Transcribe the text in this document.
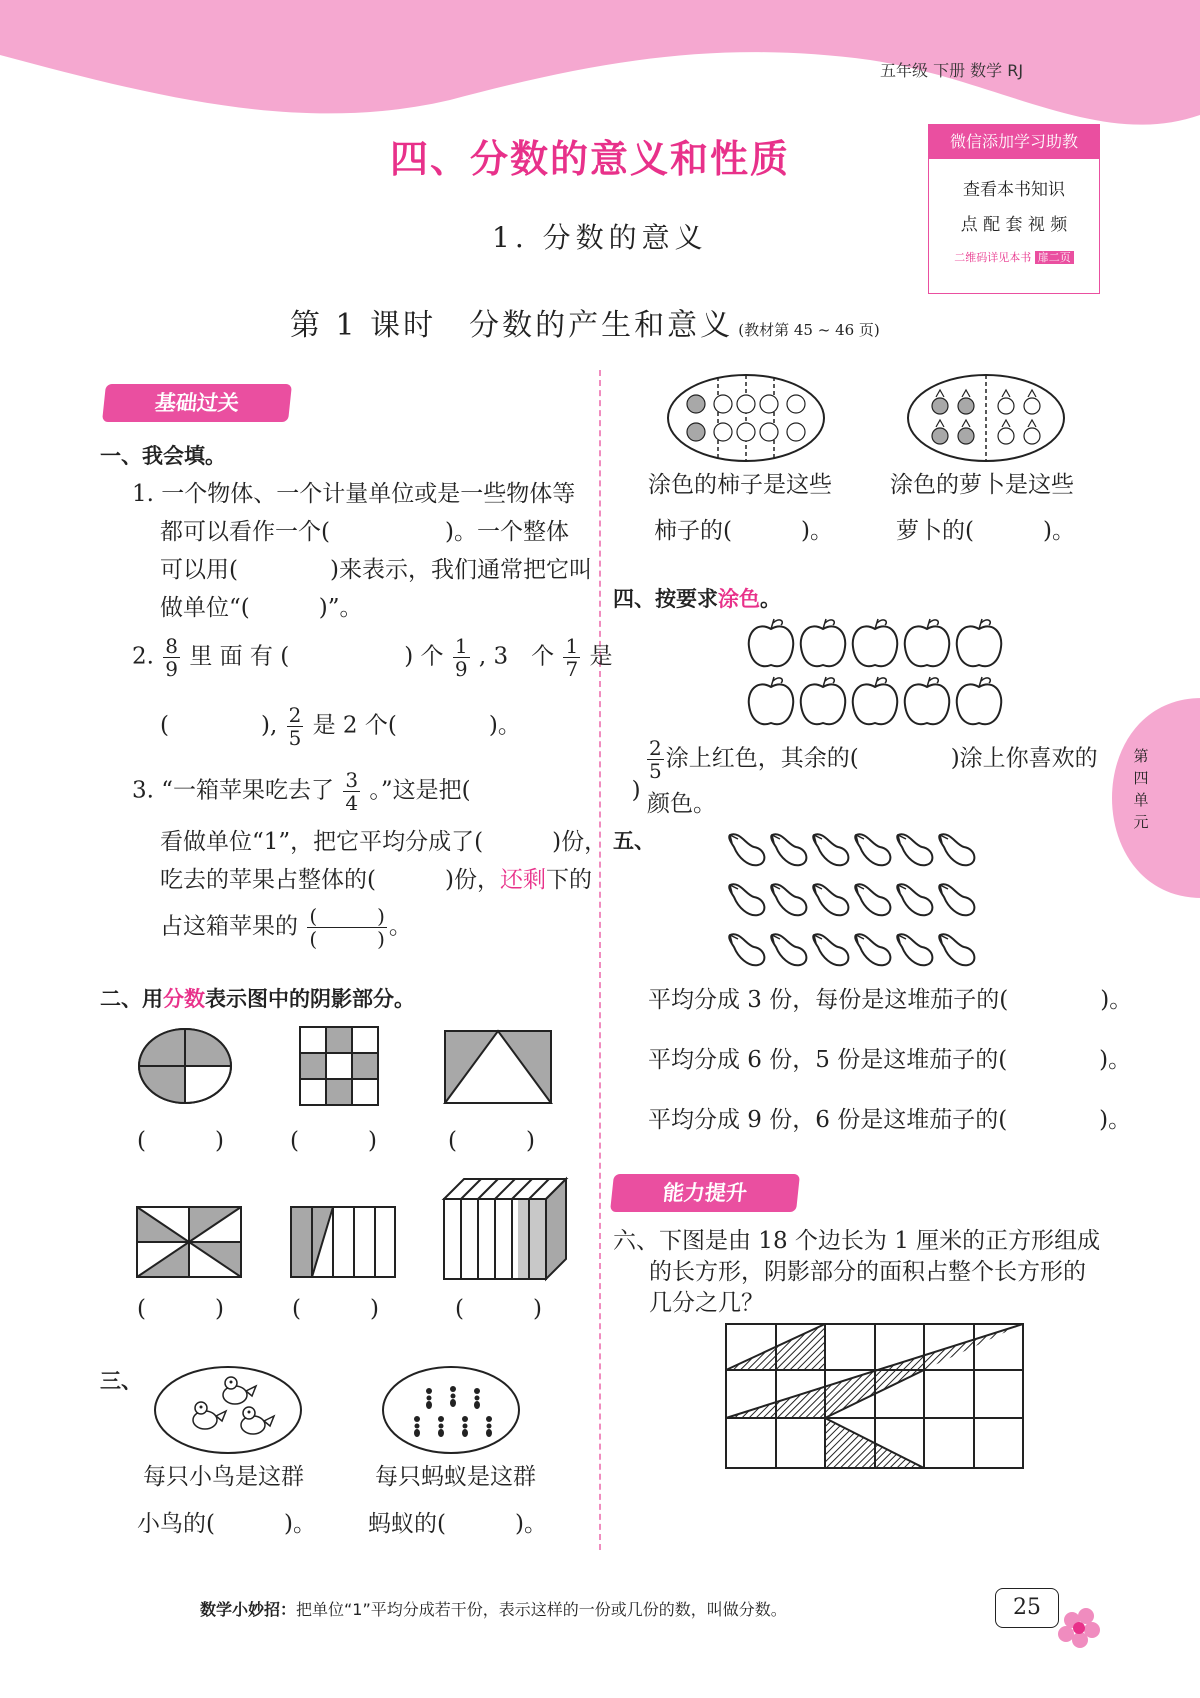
五年级 下册 数学 RJ
四、分数的意义和性质
1. 分数的意义
第 1 课时　分数的产生和意义 (教材第 45 ~ 46 页)
微信添加学习助教
查看本书知识
点 配 套 视 频
二维码详见本书 扉二页
第
四
单
元
基础过关
一、我会填。
1. 一个物体、一个计量单位或是一些物体等
都可以看作一个(　　　　　)。一个整体
可以用(　　　　)来表示，我们通常把它叫
做单位“(　　　)”。
2. $\frac{8}{9}$ 里 面 有 (　　　　　) 个 $\frac{1}{9}$ , 3　个 $\frac{1}{7}$ 是
(　　　　), $\frac{2}{5}$ 是 2 个(　　　　)。
3. “一箱苹果吃去了 $\frac{3}{4}$ 。”这是把(　　　　　　　)
看做单位“1”，把它平均分成了(　　　)份，
吃去的苹果占整体的(　　　)份，还剩下的
占这箱苹果的 $\frac{( )}{( )}$ 。
二、用分数表示图中的阴影部分。
(　　　)	(　　　)	(　　　)
(　　　)	(　　　)	(　　　)
三、
每只小鸟是这群
小鸟的(　　　)。
每只蚂蚁是这群
蚂蚁的(　　　)。
涂色的柿子是这些
柿子的(　　　)。
涂色的萝卜是这些
萝卜的(　　　)。
四、按要求涂色。
$\frac{2}{5}$ 涂上红色，其余的(　　　　)涂上你喜欢的
颜色。
五、
平均分成 3 份，每份是这堆茄子的(　　　　)。
平均分成 6 份，5 份是这堆茄子的(　　　　)。
平均分成 9 份，6 份是这堆茄子的(　　　　)。
能力提升
六、下图是由 18 个边长为 1 厘米的正方形组成
的长方形，阴影部分的面积占整个长方形的
几分之几？
数学小妙招：把单位“1”平均分成若干份，表示这样的一份或几份的数，叫做分数。	25
